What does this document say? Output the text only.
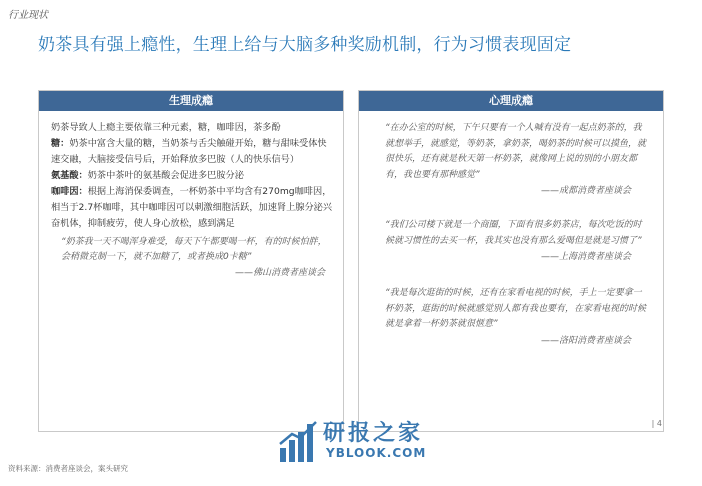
行业现状
奶茶具有强上瘾性，生理上给与大脑多种奖励机制，行为习惯表现固定
生理成瘾

奶茶导致人上瘾主要依靠三种元素，糖，咖啡因，茶多酚

糖：奶茶中富含大量的糖，当奶茶与舌尖触碰开始，糖与甜味受体快速交融，大脑接受信号后，开始释放多巴胺（人的快乐信号）

氨基酸：奶茶中茶叶的氨基酸会促进多巴胺分泌

咖啡因：根据上海消保委调查，一杯奶茶中平均含有270mg咖啡因，相当于2.7杯咖啡，其中咖啡因可以刺激细胞活跃，加速肾上腺分泌兴奋机体，抑制疲劳，使人身心放松，感到满足

“奶茶我一天不喝浑身难受，每天下午都要喝一杯，有的时候怕胖，会稍微克制一下，就不加糖了，或者换成0卡糖”
——佛山消费者座谈会
心理成瘾
“在办公室的时候，下午只要有一个人喊有没有一起点奶茶的，我就想举手，就感觉，等奶茶，拿奶茶，喝奶茶的时候可以摸鱼，就很快乐，还有就是秋天第一杯奶茶，就像网上说的别的小朋友都有，我也要有那种感觉”
——成都消费者座谈会
“我们公司楼下就是一个商圈，下面有很多奶茶店，每次吃饭的时候就习惯性的去买一杯，我其实也没有那么爱喝但是就是习惯了”
——上海消费者座谈会
“我是每次逛街的时候，还有在家看电视的时候，手上一定要拿一杯奶茶，逛街的时候就感觉别人都有我也要有，在家看电视的时候就是拿着一杯奶茶就很惬意”
——洛阳消费者座谈会
研报之家
YBLOOK.COM
| 4
资料来源：消费者座谈会，案头研究
